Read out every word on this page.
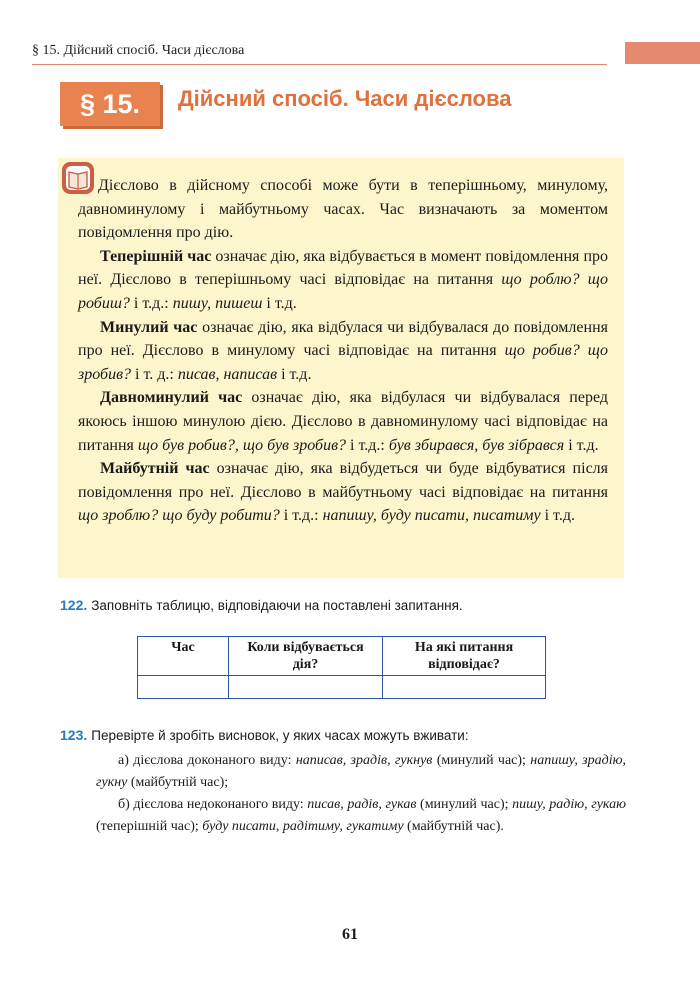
§ 15. Дійсний спосіб. Часи дієслова
§ 15.	Дійсний спосіб. Часи дієслова

Дієслово в дійсному способі може бути в теперішньому, минулому, давноминулому і майбутньому часах. Час визначають за моментом повідомлення про дію.

Теперішній час означає дію, яка відбувається в момент повідомлення про неї. Дієслово в теперішньому часі відповідає на питання що роблю? що робиш? і т.д.: пишу, пишеш і т.д.

Минулий час означає дію, яка відбулася чи відбувалася до повідомлення про неї. Дієслово в минулому часі відповідає на питання що робив? що зробив? і т. д.: писав, написав і т.д.

Давноминулий час означає дію, яка відбулася чи відбувалася перед якоюсь іншою минулою дією. Дієслово в давноминулому часі відповідає на питання що був робив?, що був зробив? і т.д.: був збирався, був зібрався і т.д.

Майбутній час означає дію, яка відбудеться чи буде відбуватися після повідомлення про неї. Дієслово в майбутньому часі відповідає на питання що зроблю? що буду робити? і т.д.: напишу, буду писати, писатиму і т.д.

122. Заповніть таблицю, відповідаючи на поставлені запитання.
Час	Коли відбувається дія?	На які питання відповідає?

123. Перевірте й зробіть висновок, у яких часах можуть вживати:

а) дієслова доконаного виду: написав, зрадів, гукнув (минулий час); напишу, зрадію, гукну (майбутній час);

б) дієслова недоконаного виду: писав, радів, гукав (минулий час); пишу, радію, гукаю (теперішній час); буду писати, радітиму, гукатиму (майбутній час).

61
